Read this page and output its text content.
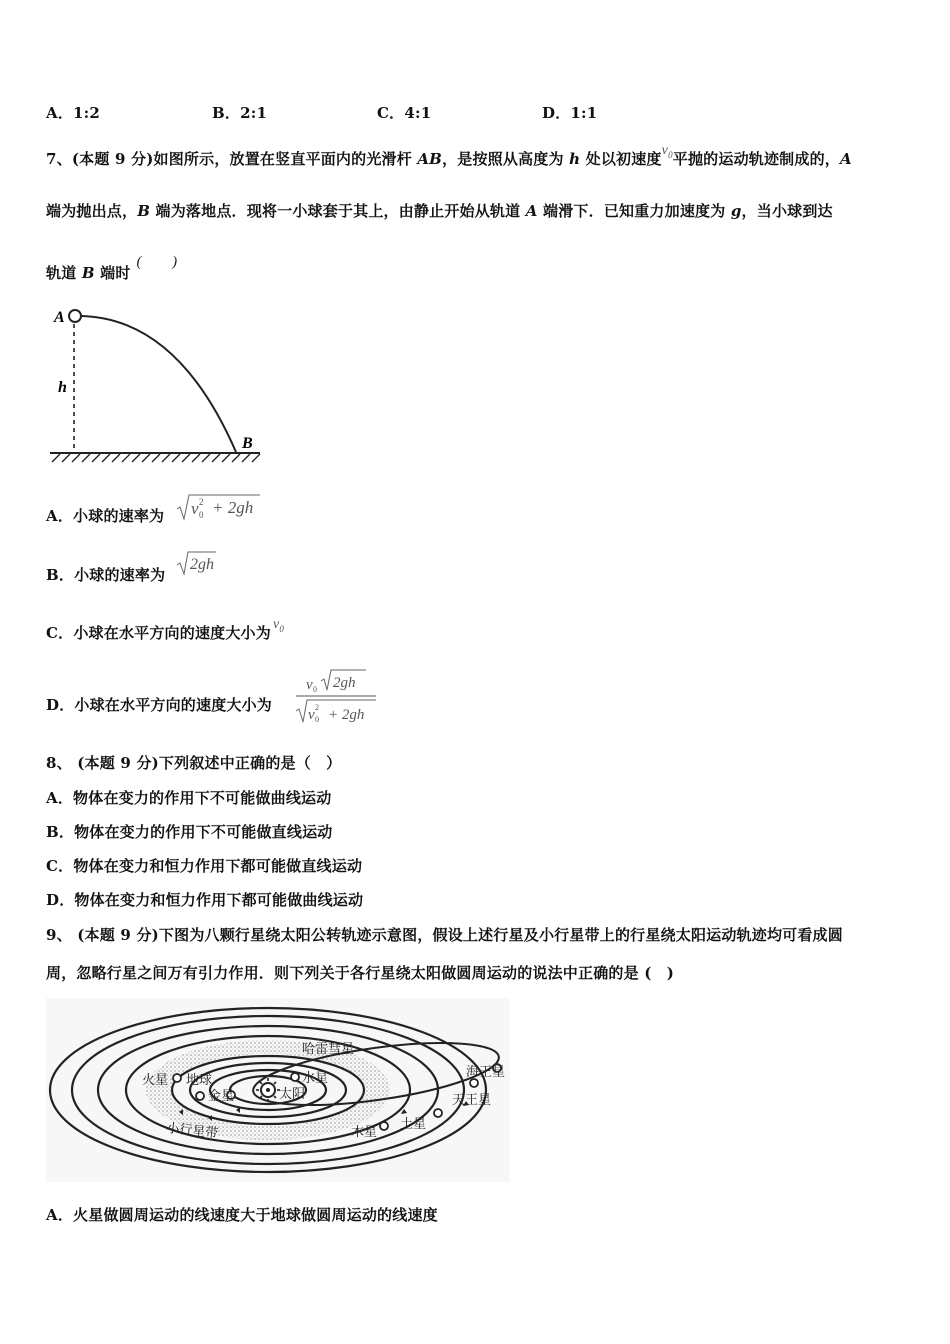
A．1:2	B．2:1	C．4:1	D．1:1
7、(本题 9 分)如图所示，放置在竖直平面内的光滑杆 AB，是按照从高度为 h 处以初速度$v_0$平抛的运动轨迹制成的，A
端为抛出点，B 端为落地点．现将一小球套于其上，由静止开始从轨道 A 端滑下．已知重力加速度为 g，当小球到达
轨道 B 端时(　　)
A
h
B
A．小球的速率为 v 0
2 + 2gh
B．小球的速率为
2gh
C．小球在水平方向的速度大小为 $v_0$
D．小球在水平方向的速度大小为
v 0 2gh
v 0
2 + 2gh
8、 (本题 9 分)下列叙述中正确的是（　）
A．物体在变力的作用下不可能做曲线运动
B．物体在变力的作用下不可能做直线运动
C．物体在变力和恒力作用下都可能做直线运动
D．物体在变力和恒力作用下都可能做曲线运动
9、 (本题 9 分)下图为八颗行星绕太阳公转轨迹示意图，假设上述行星及小行星带上的行星绕太阳运动轨迹均可看成圆
周，忽略行星之间万有引力作用．则下列关于各行星绕太阳做圆周运动的说法中正确的是 (　)
哈雷彗星
水星
太阳
火星 地球
金星
小行星带	木星
土星
天王星
海王星
A．火星做圆周运动的线速度大于地球做圆周运动的线速度
